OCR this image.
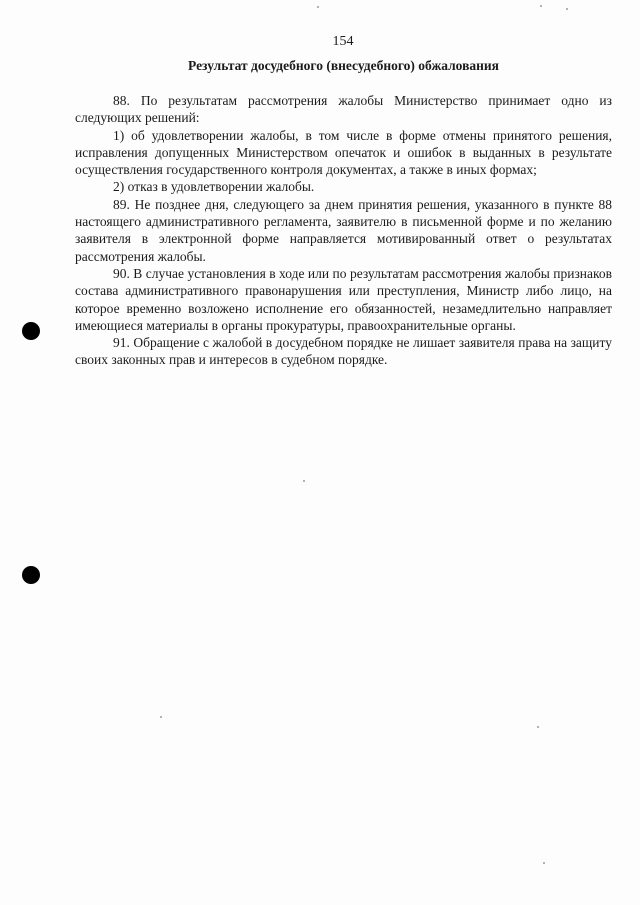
154
Результат досудебного (внесудебного) обжалования

88. По результатам рассмотрения жалобы Министерство принимает одно из следующих решений:

1) об удовлетворении жалобы, в том числе в форме отмены принятого решения, исправления допущенных Министерством опечаток и ошибок в выданных в результате осуществления государственного контроля документах, а также в иных формах;

2) отказ в удовлетворении жалобы.

89. Не позднее дня, следующего за днем принятия решения, указанного в пункте 88 настоящего административного регламента, заявителю в письменной форме и по желанию заявителя в электронной форме направляется мотивированный ответ о результатах рассмотрения жалобы.

90. В случае установления в ходе или по результатам рассмотрения жалобы признаков состава административного правонарушения или преступления, Министр либо лицо, на которое временно возложено исполнение его обязанностей, незамедлительно направляет имеющиеся материалы в органы прокуратуры, правоохранительные органы.

91. Обращение с жалобой в досудебном порядке не лишает заявителя права на защиту своих законных прав и интересов в судебном порядке.
